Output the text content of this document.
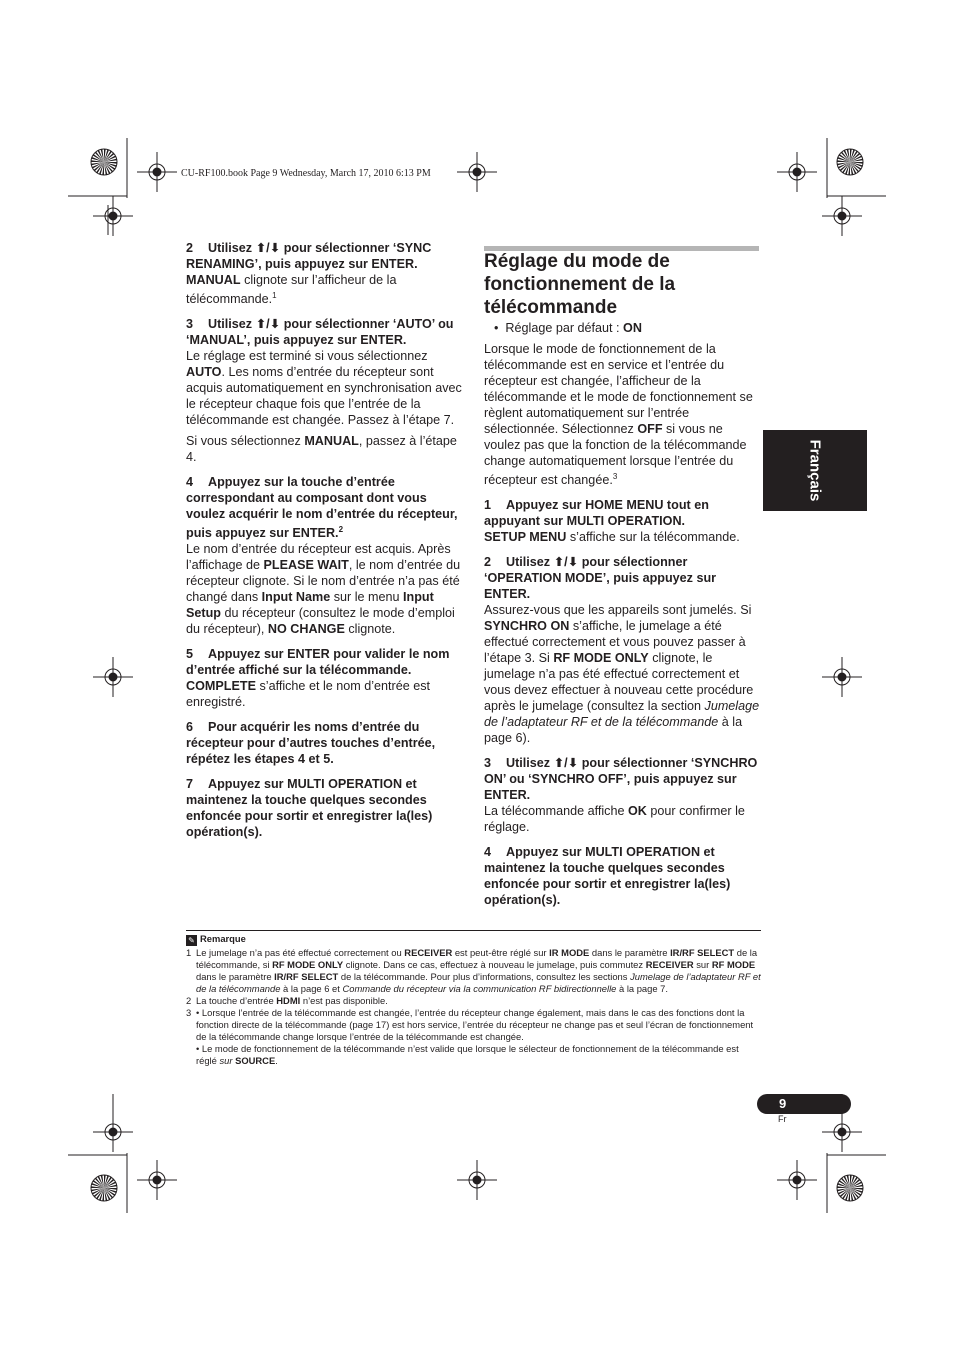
CU-RF100.book Page 9 Wednesday, March 17, 2010 6:13 PM

2 Utilisez ⬆/⬇ pour sélectionner ‘SYNC RENAMING’, puis appuyez sur ENTER.

MANUAL clignote sur l’afficheur de la télécommande.$^1$

3 Utilisez ⬆/⬇ pour sélectionner ‘AUTO’ ou ‘MANUAL’, puis appuyez sur ENTER.

Le réglage est terminé si vous sélectionnez AUTO. Les noms d’entrée du récepteur sont acquis automatiquement en synchronisation avec le récepteur chaque fois que l’entrée de la télécommande est changée. Passez à l’étape 7.

Si vous sélectionnez MANUAL, passez à l’étape 4.

4 Appuyez sur la touche d’entrée correspondant au composant dont vous voulez acquérir le nom d’entrée du récepteur, puis appuyez sur ENTER.$^2$

Le nom d’entrée du récepteur est acquis. Après l’affichage de PLEASE WAIT, le nom d’entrée du récepteur clignote. Si le nom d’entrée n’a pas été changé dans Input Name sur le menu Input Setup du récepteur (consultez le mode d’emploi du récepteur), NO CHANGE clignote.

5 Appuyez sur ENTER pour valider le nom d’entrée affiché sur la télécommande.

COMPLETE s’affiche et le nom d’entrée est enregistré.

6 Pour acquérir les noms d’entrée du récepteur pour d’autres touches d’entrée, répétez les étapes 4 et 5.

7 Appuyez sur MULTI OPERATION et maintenez la touche quelques secondes enfoncée pour sortir et enregistrer la(les) opération(s).

Réglage du mode de fonctionnement de la télécommande

•  Réglage par défaut : ON

Lorsque le mode de fonctionnement de la télécommande est en service et l’entrée du récepteur est changée, l’afficheur de la télécommande et le mode de fonctionnement se règlent automatiquement sur l’entrée sélectionnée. Sélectionnez OFF si vous ne voulez pas que la fonction de la télécommande change automatiquement lorsque l’entrée du récepteur est changée.$^3$

1 Appuyez sur HOME MENU tout en appuyant sur MULTI OPERATION.

SETUP MENU s’affiche sur la télécommande.

2 Utilisez ⬆/⬇ pour sélectionner ‘OPERATION MODE’, puis appuyez sur ENTER.

Assurez-vous que les appareils sont jumelés. Si SYNCHRO ON s’affiche, le jumelage a été effectué correctement et vous pouvez passer à l’étape 3. Si RF MODE ONLY clignote, le jumelage n’a pas été effectué correctement et vous devez effectuer à nouveau cette procédure après le jumelage (consultez la section Jumelage de l’adaptateur RF et de la télécommande à la page 6).

3 Utilisez ⬆/⬇ pour sélectionner ‘SYNCHRO ON’ ou ‘SYNCHRO OFF’, puis appuyez sur ENTER.

La télécommande affiche OK pour confirmer le réglage.

4 Appuyez sur MULTI OPERATION et maintenez la touche quelques secondes enfoncée pour sortir et enregistrer la(les) opération(s).

Français
✎ Remarque
1 Le jumelage n’a pas été effectué correctement ou RECEIVER est peut-être réglé sur IR MODE dans le paramètre IR/RF SELECT de la télécommande, si RF MODE ONLY clignote. Dans ce cas, effectuez à nouveau le jumelage, puis commutez RECEIVER sur RF MODE dans le paramètre IR/RF SELECT de la télécommande. Pour plus d’informations, consultez les sections Jumelage de l’adaptateur RF et de la télécommande à la page 6 et Commande du récepteur via la communication RF bidirectionnelle à la page 7.
2 La touche d’entrée HDMI n’est pas disponible.
3 • Lorsque l’entrée de la télécommande est changée, l’entrée du récepteur change également, mais dans le cas des fonctions dont la fonction directe de la télécommande (page 17) est hors service, l’entrée du récepteur ne change pas et seul l’écran de fonctionnement de la télécommande change lorsque l’entrée de la télécommande est changée.
• Le mode de fonctionnement de la télécommande n’est valide que lorsque le sélecteur de fonctionnement de la télécommande est réglé sur SOURCE.
9
Fr
